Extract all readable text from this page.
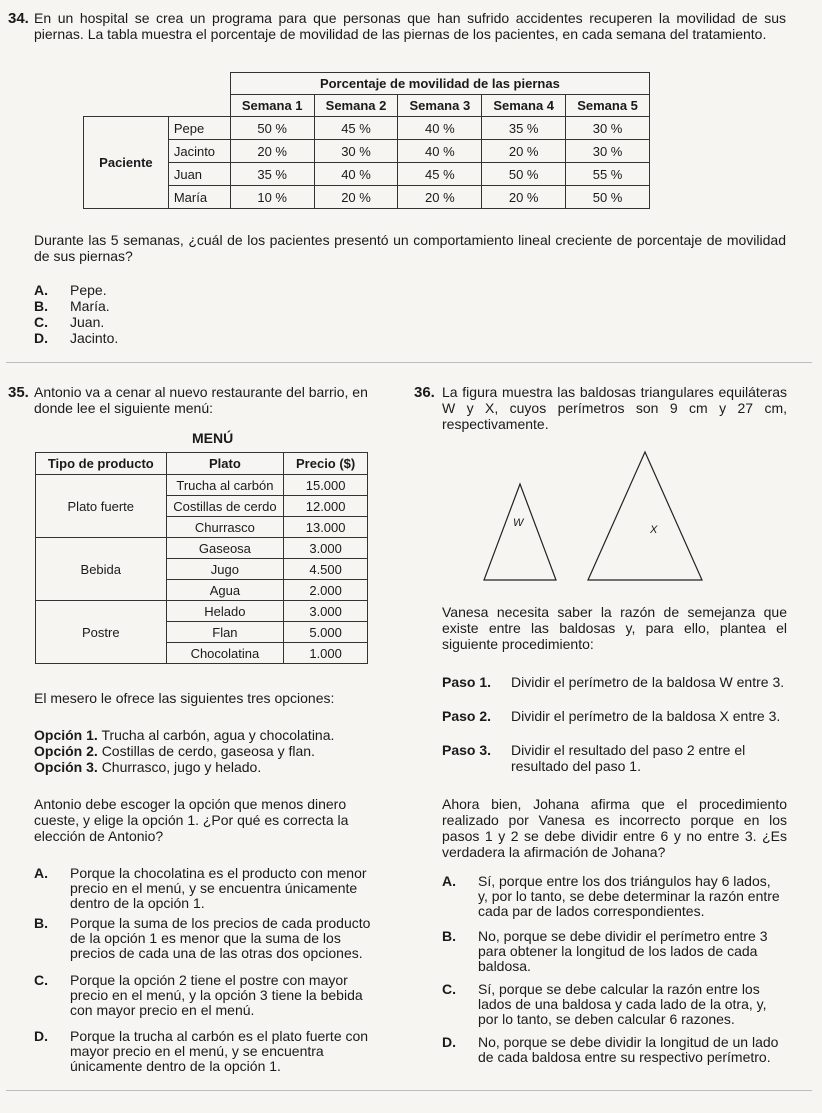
34. En un hospital se crea un programa para que personas que han sufrido accidentes recuperen la movilidad de sus piernas. La tabla muestra el porcentaje de movilidad de las piernas de los pacientes, en cada semana del tratamiento.
		Porcentaje de movilidad de las piernas				
		Semana 1	Semana 2	Semana 3	Semana 4	Semana 5
Paciente	Pepe	50 %	45 %	40 %	35 %	30 %
	Jacinto	20 %	30 %	40 %	20 %	30 %
	Juan	35 %	40 %	45 %	50 %	55 %
	María	10 %	20 %	20 %	20 %	50 %
Durante las 5 semanas, ¿cuál de los pacientes presentó un comportamiento lineal creciente de porcentaje de movilidad de sus piernas?
A. Pepe.
B. María.
C. Juan.
D. Jacinto.
35. Antonio va a cenar al nuevo restaurante del barrio, en donde lee el siguiente menú:
MENÚ
Tipo de producto	Plato	Precio ($)
Plato fuerte	Trucha al carbón	15.000
	Costillas de cerdo	12.000
	Churrasco	13.000
Bebida	Gaseosa	3.000
	Jugo	4.500
	Agua	2.000
Postre	Helado	3.000
	Flan	5.000
	Chocolatina	1.000
El mesero le ofrece las siguientes tres opciones:
Opción 1. Trucha al carbón, agua y chocolatina.
Opción 2. Costillas de cerdo, gaseosa y flan.
Opción 3. Churrasco, jugo y helado.
Antonio debe escoger la opción que menos dinero cueste, y elige la opción 1. ¿Por qué es correcta la elección de Antonio?
A. Porque la chocolatina es el producto con menor precio en el menú, y se encuentra únicamente dentro de la opción 1.
B. Porque la suma de los precios de cada producto de la opción 1 es menor que la suma de los precios de cada una de las otras dos opciones.
C. Porque la opción 2 tiene el postre con mayor precio en el menú, y la opción 3 tiene la bebida con mayor precio en el menú.
D. Porque la trucha al carbón es el plato fuerte con mayor precio en el menú, y se encuentra únicamente dentro de la opción 1.
36. La figura muestra las baldosas triangulares equiláteras W y X, cuyos perímetros son 9 cm y 27 cm, respectivamente.
W
X
Vanesa necesita saber la razón de semejanza que existe entre las baldosas y, para ello, plantea el siguiente procedimiento:
Paso 1. Dividir el perímetro de la baldosa W entre 3.
Paso 2. Dividir el perímetro de la baldosa X entre 3.
Paso 3. Dividir el resultado del paso 2 entre el resultado del paso 1.
Ahora bien, Johana afirma que el procedimiento realizado por Vanesa es incorrecto porque en los pasos 1 y 2 se debe dividir entre 6 y no entre 3. ¿Es verdadera la afirmación de Johana?
A. Sí, porque entre los dos triángulos hay 6 lados, y, por lo tanto, se debe determinar la razón entre cada par de lados correspondientes.
B. No, porque se debe dividir el perímetro entre 3 para obtener la longitud de los lados de cada baldosa.
C. Sí, porque se debe calcular la razón entre los lados de una baldosa y cada lado de la otra, y, por lo tanto, se deben calcular 6 razones.
D. No, porque se debe dividir la longitud de un lado de cada baldosa entre su respectivo perímetro.
